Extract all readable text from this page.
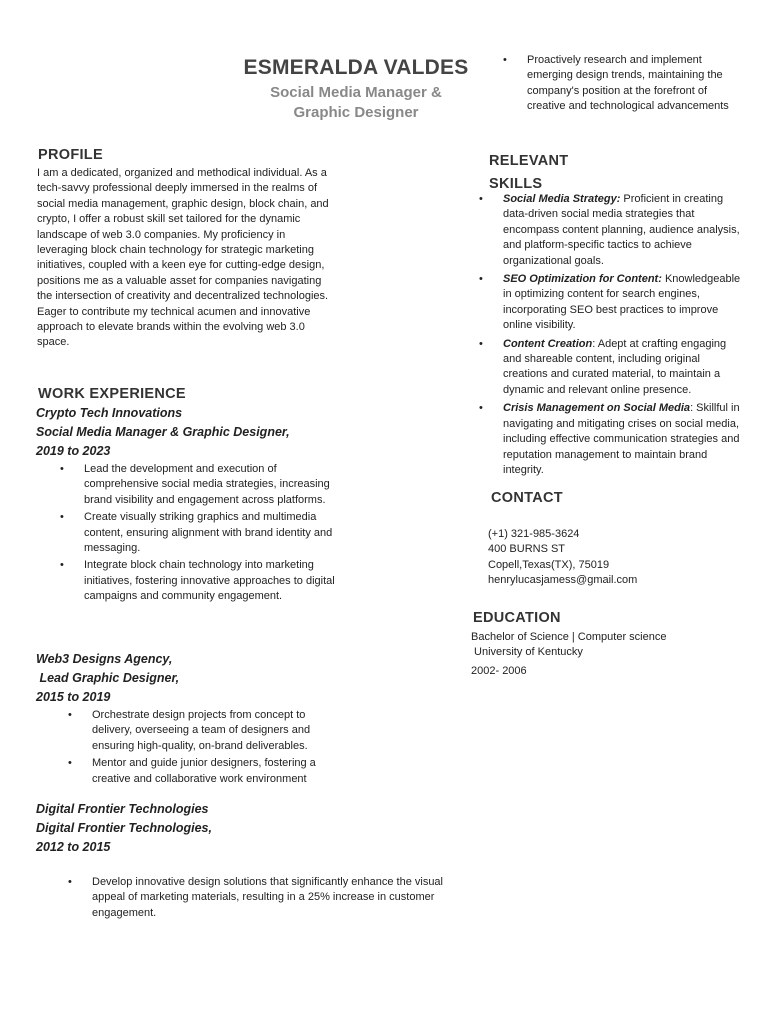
ESMERALDA VALDES
Social Media Manager &
Graphic Designer
• Proactively research and implement emerging design trends, maintaining the company's position at the forefront of creative and technological advancements
PROFILE
I am a dedicated, organized and methodical individual. As a tech-savvy professional deeply immersed in the realms of social media management, graphic design, block chain, and crypto, I offer a robust skill set tailored for the dynamic landscape of web 3.0 companies. My proficiency in leveraging block chain technology for strategic marketing initiatives, coupled with a keen eye for cutting-edge design, positions me as a valuable asset for companies navigating the intersection of creativity and decentralized technologies. Eager to contribute my technical acumen and innovative approach to elevate brands within the evolving web 3.0 space.
WORK EXPERIENCE
Crypto Tech Innovations
Social Media Manager & Graphic Designer,
2019 to 2023
• Lead the development and execution of comprehensive social media strategies, increasing brand visibility and engagement across platforms.
• Create visually striking graphics and multimedia content, ensuring alignment with brand identity and messaging.
• Integrate block chain technology into marketing initiatives, fostering innovative approaches to digital campaigns and community engagement.
Web3 Designs Agency,
Lead Graphic Designer,
2015 to 2019
• Orchestrate design projects from concept to delivery, overseeing a team of designers and ensuring high-quality, on-brand deliverables.
• Mentor and guide junior designers, fostering a creative and collaborative work environment
Digital Frontier Technologies
Digital Frontier Technologies,
2012 to 2015
• Develop innovative design solutions that significantly enhance the visual appeal of marketing materials, resulting in a 25% increase in customer engagement.
RELEVANT
SKILLS
• Social Media Strategy: Proficient in creating data-driven social media strategies that encompass content planning, audience analysis, and platform-specific tactics to achieve organizational goals.
• SEO Optimization for Content: Knowledgeable in optimizing content for search engines, incorporating SEO best practices to improve online visibility.
• Content Creation: Adept at crafting engaging and shareable content, including original creations and curated material, to maintain a dynamic and relevant online presence.
• Crisis Management on Social Media: Skillful in navigating and mitigating crises on social media, including effective communication strategies and reputation management to maintain brand integrity.
CONTACT
(+1) 321-985-3624
400 BURNS ST
Copell,Texas(TX), 75019
henrylucasjamess@gmail.com
EDUCATION
Bachelor of Science | Computer science
University of Kentucky
2002- 2006
